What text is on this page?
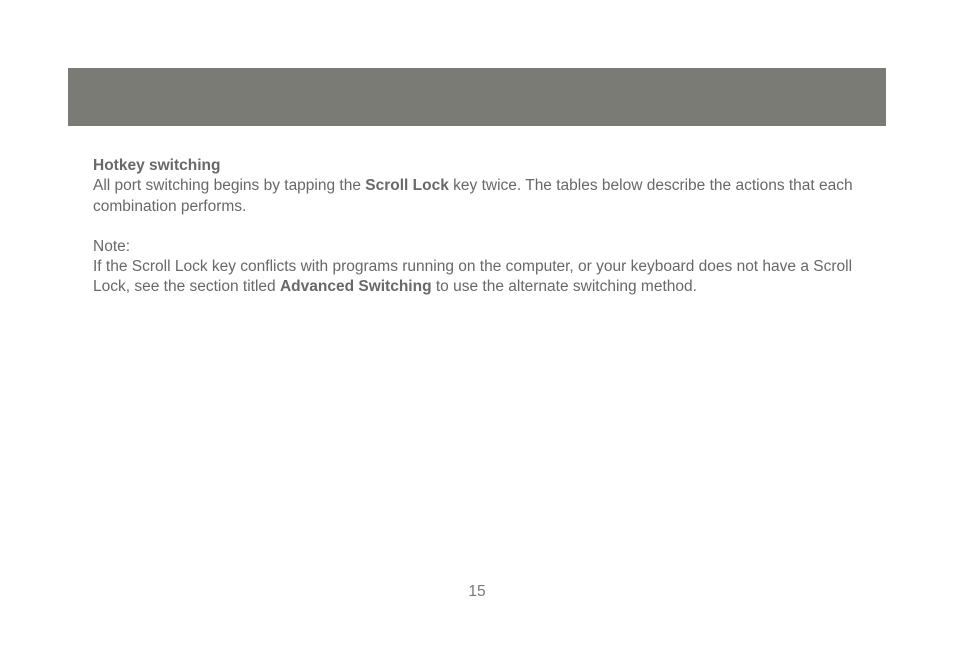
Hotkey switching

All port switching begins by tapping the Scroll Lock key twice. The tables below describe the actions that each combination performs.

Note:

If the Scroll Lock key conflicts with programs running on the computer, or your keyboard does not have a Scroll Lock, see the section titled Advanced Switching to use the alternate switching method.

15
